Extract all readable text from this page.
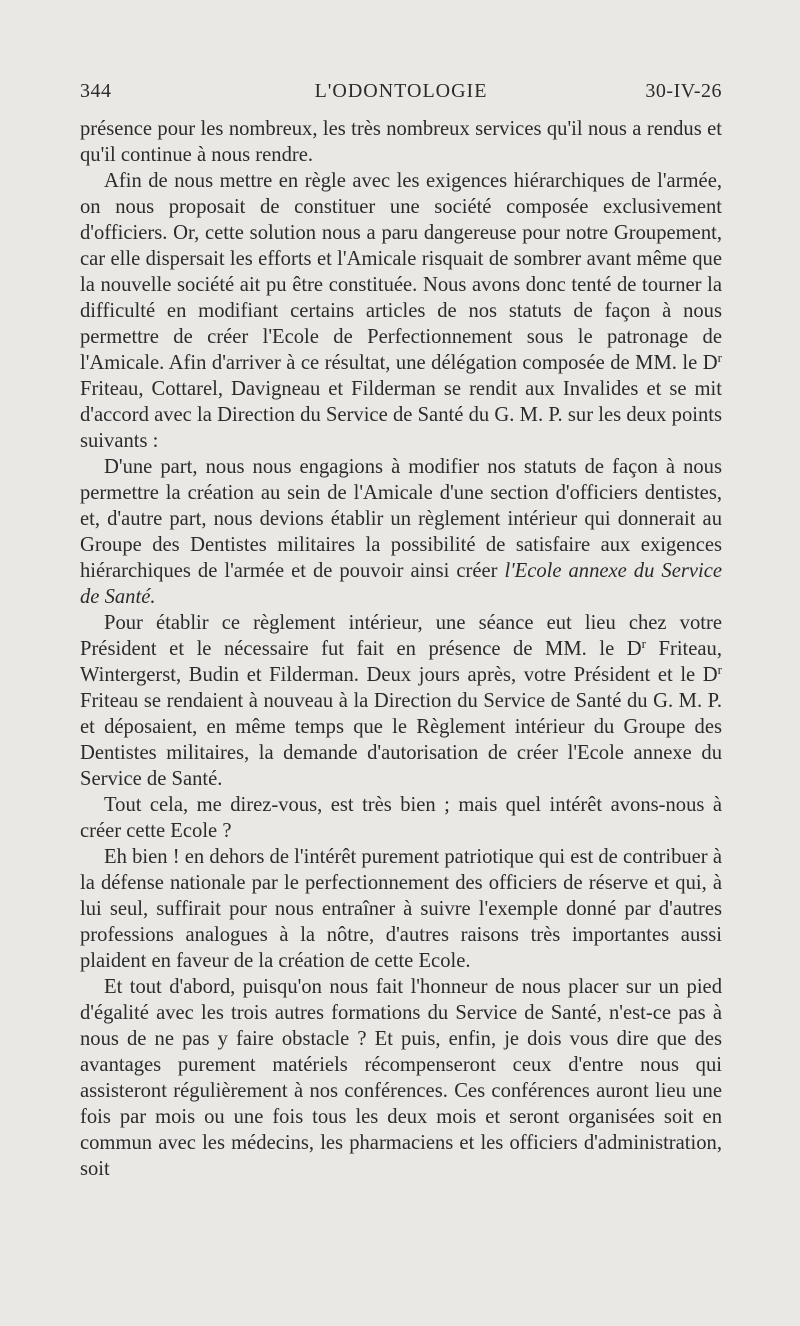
344	L'ODONTOLOGIE	30-IV-26

présence pour les nombreux, les très nombreux services qu'il nous a rendus et qu'il continue à nous rendre.

Afin de nous mettre en règle avec les exigences hiérarchiques de l'armée, on nous proposait de constituer une société composée exclusivement d'officiers. Or, cette solution nous a paru dangereuse pour notre Groupement, car elle dispersait les efforts et l'Amicale risquait de sombrer avant même que la nouvelle société ait pu être constituée. Nous avons donc tenté de tourner la difficulté en modifiant certains articles de nos statuts de façon à nous permettre de créer l'Ecole de Perfectionnement sous le patronage de l'Amicale. Afin d'arriver à ce résultat, une délégation composée de MM. le $D^r$ Friteau, Cottarel, Davigneau et Filderman se rendit aux Invalides et se mit d'accord avec la Direction du Service de Santé du G. M. P. sur les deux points suivants :

D'une part, nous nous engagions à modifier nos statuts de façon à nous permettre la création au sein de l'Amicale d'une section d'officiers dentistes, et, d'autre part, nous devions établir un règlement intérieur qui donnerait au Groupe des Dentistes militaires la possibilité de satisfaire aux exigences hiérarchiques de l'armée et de pouvoir ainsi créer l'Ecole annexe du Service de Santé.

Pour établir ce règlement intérieur, une séance eut lieu chez votre Président et le nécessaire fut fait en présence de MM. le $D^r$ Friteau, Wintergerst, Budin et Filderman. Deux jours après, votre Président et le $D^r$ Friteau se rendaient à nouveau à la Direction du Service de Santé du G. M. P. et déposaient, en même temps que le Règlement intérieur du Groupe des Dentistes militaires, la demande d'autorisation de créer l'Ecole annexe du Service de Santé.

Tout cela, me direz-vous, est très bien ; mais quel intérêt avons-nous à créer cette Ecole ?

Eh bien ! en dehors de l'intérêt purement patriotique qui est de contribuer à la défense nationale par le perfectionnement des officiers de réserve et qui, à lui seul, suffirait pour nous entraîner à suivre l'exemple donné par d'autres professions analogues à la nôtre, d'autres raisons très importantes aussi plaident en faveur de la création de cette Ecole.

Et tout d'abord, puisqu'on nous fait l'honneur de nous placer sur un pied d'égalité avec les trois autres formations du Service de Santé, n'est-ce pas à nous de ne pas y faire obstacle ? Et puis, enfin, je dois vous dire que des avantages purement matériels récompenseront ceux d'entre nous qui assisteront régulièrement à nos conférences. Ces conférences auront lieu une fois par mois ou une fois tous les deux mois et seront organisées soit en commun avec les médecins, les pharmaciens et les officiers d'administration, soit
